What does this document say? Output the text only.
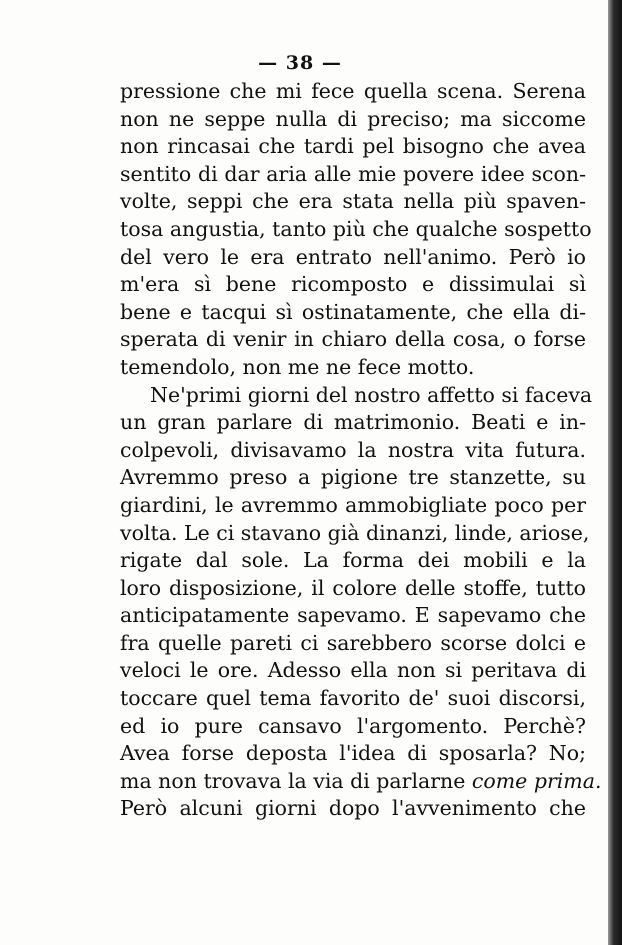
— 38 —
pressione che mi fece quella scena. Serena
non ne seppe nulla di preciso; ma siccome
non rincasai che tardi pel bisogno che avea
sentito di dar aria alle mie povere idee scon-
volte, seppi che era stata nella più spaven-
tosa angustia, tanto più che qualche sospetto
del vero le era entrato nell'animo. Però io
m'era sì bene ricomposto e dissimulai sì
bene e tacqui sì ostinatamente, che ella di-
sperata di venir in chiaro della cosa, o forse
temendolo, non me ne fece motto.
Ne'primi giorni del nostro affetto si faceva
un gran parlare di matrimonio. Beati e in-
colpevoli, divisavamo la nostra vita futura.
Avremmo preso a pigione tre stanzette, su
giardini, le avremmo ammobigliate poco per
volta. Le ci stavano già dinanzi, linde, ariose,
rigate dal sole. La forma dei mobili e la
loro disposizione, il colore delle stoffe, tutto
anticipatamente sapevamo. E sapevamo che
fra quelle pareti ci sarebbero scorse dolci e
veloci le ore. Adesso ella non si peritava di
toccare quel tema favorito de' suoi discorsi,
ed io pure cansavo l'argomento. Perchè?
Avea forse deposta l'idea di sposarla? No;
ma non trovava la via di parlarne come prima.
Però alcuni giorni dopo l'avvenimento che
